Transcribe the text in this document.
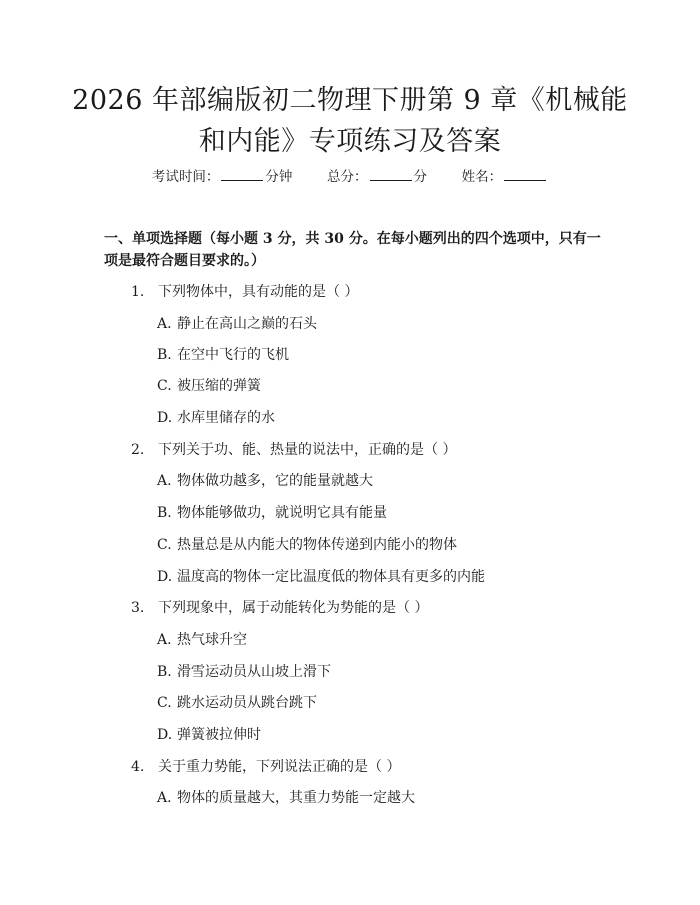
2026 年部编版初二物理下册第 9 章《机械能和内能》专项练习及答案
考试时间：	分钟	总分：	分	姓名：
一、单项选择题（每小题 3 分，共 30 分。在每小题列出的四个选项中，只有一项是最符合题目要求的。）
1. 下列物体中，具有动能的是（ ）
A. 静止在高山之巅的石头
B. 在空中飞行的飞机
C. 被压缩的弹簧
D. 水库里储存的水
2. 下列关于功、能、热量的说法中，正确的是（ ）
A. 物体做功越多，它的能量就越大
B. 物体能够做功，就说明它具有能量
C. 热量总是从内能大的物体传递到内能小的物体
D. 温度高的物体一定比温度低的物体具有更多的内能
3. 下列现象中，属于动能转化为势能的是（ ）
A. 热气球升空
B. 滑雪运动员从山坡上滑下
C. 跳水运动员从跳台跳下
D. 弹簧被拉伸时
4. 关于重力势能，下列说法正确的是（ ）
A. 物体的质量越大，其重力势能一定越大
